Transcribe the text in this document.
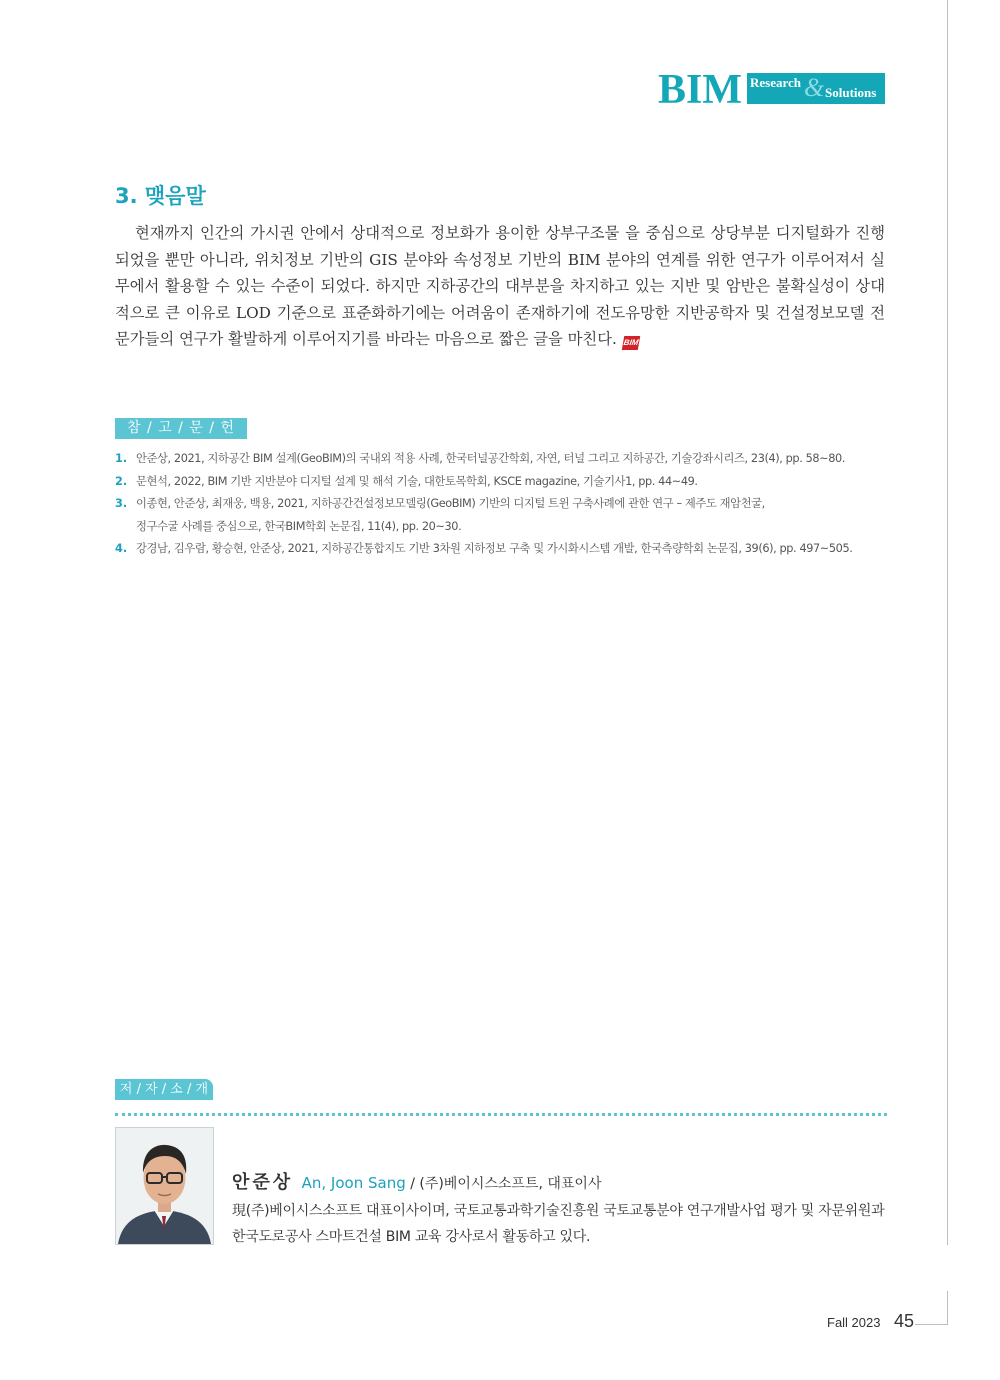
BIM Research & Solutions
3. 맺음말
현재까지 인간의 가시권 안에서 상대적으로 정보화가 용이한 상부구조물 을 중심으로 상당부분 디지털화가 진행되었을 뿐만 아니라, 위치정보 기반의 GIS 분야와 속성정보 기반의 BIM 분야의 연계를 위한 연구가 이루어져서 실무에서 활용할 수 있는 수준이 되었다. 하지만 지하공간의 대부분을 차지하고 있는 지반 및 암반은 불확실성이 상대적으로 큰 이유로 LOD 기준으로 표준화하기에는 어려움이 존재하기에 전도유망한 지반공학자 및 건설정보모델 전문가들의 연구가 활발하게 이루어지기를 바라는 마음으로 짧은 글을 마친다. BIM
참 / 고 / 문 / 헌
1. 안준상, 2021, 지하공간 BIM 설계(GeoBIM)의 국내외 적용 사례, 한국터널공간학회, 자연, 터널 그리고 지하공간, 기술강좌시리즈, 23(4), pp. 58~80.
2. 문현석, 2022, BIM 기반 지반분야 디지털 설계 및 해석 기술, 대한토목학회, KSCE magazine, 기술기사1, pp. 44~49.
3. 이종현, 안준상, 최재웅, 백용, 2021, 지하공간건설정보모델링(GeoBIM) 기반의 디지털 트윈 구축사례에 관한 연구 – 제주도 재암천굴,
정구수굴 사례를 중심으로, 한국BIM학회 논문집, 11(4), pp. 20~30.
4. 강경남, 김우람, 황승현, 안준상, 2021, 지하공간통합지도 기반 3차원 지하정보 구축 및 가시화시스템 개발, 한국측량학회 논문집, 39(6), pp. 497~505.
저 / 자 / 소 / 개
안준상 An, Joon Sang / (주)베이시스소프트, 대표이사
現(주)베이시스소프트 대표이사이며, 국토교통과학기술진흥원 국토교통분야 연구개발사업 평가 및 자문위원과 한국도로공사 스마트건설 BIM 교육 강사로서 활동하고 있다.
Fall 2023 45
